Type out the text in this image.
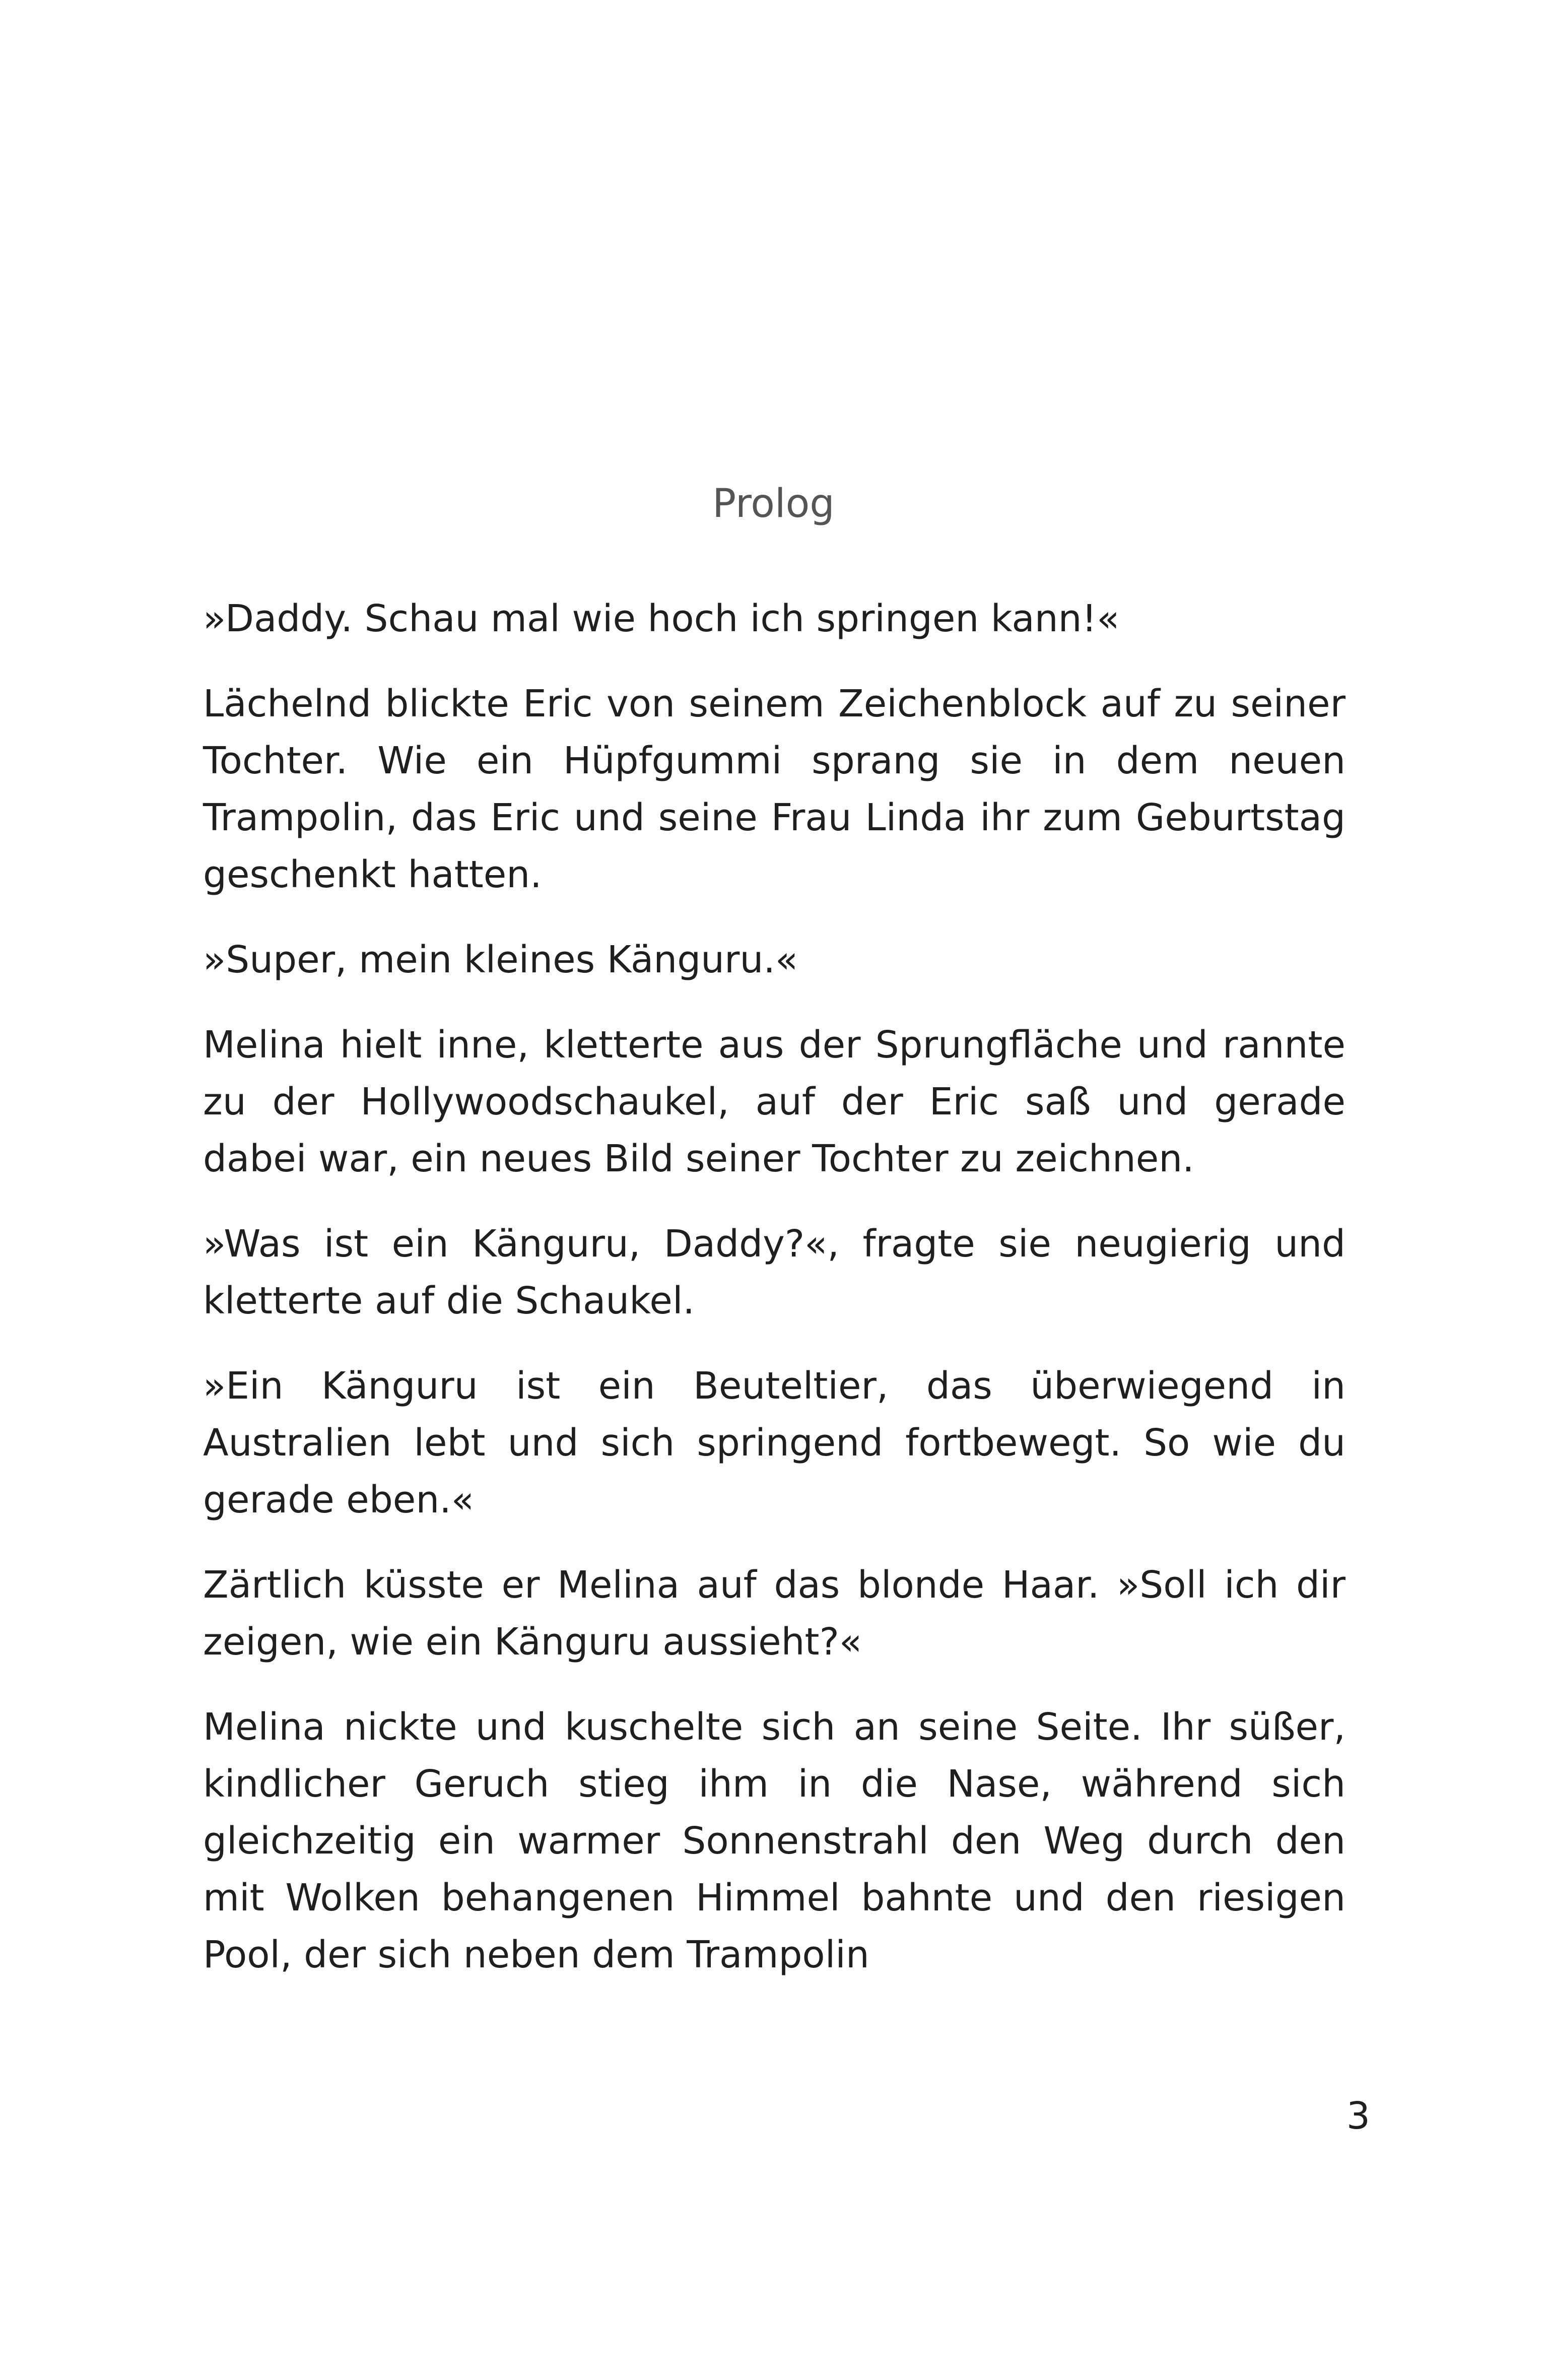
Prolog

»Daddy. Schau mal wie hoch ich springen kann!«

Lächelnd blickte Eric von seinem Zeichenblock auf zu seiner Tochter. Wie ein Hüpfgummi sprang sie in dem neuen Trampolin, das Eric und seine Frau Linda ihr zum Geburtstag geschenkt hatten.

»Super, mein kleines Känguru.«

Melina hielt inne, kletterte aus der Sprungfläche und rannte zu der Hollywoodschaukel, auf der Eric saß und gerade dabei war, ein neues Bild seiner Tochter zu zeichnen.

»Was ist ein Känguru, Daddy?«, fragte sie neugierig und kletterte auf die Schaukel.

»Ein Känguru ist ein Beuteltier, das überwiegend in Australien lebt und sich springend fortbewegt. So wie du gerade eben.«

Zärtlich küsste er Melina auf das blonde Haar. »Soll ich dir zeigen, wie ein Känguru aussieht?«

Melina nickte und kuschelte sich an seine Seite. Ihr süßer, kindlicher Geruch stieg ihm in die Nase, während sich gleichzeitig ein warmer Sonnenstrahl den Weg durch den mit Wolken behangenen Himmel bahnte und den riesigen Pool, der sich neben dem Trampolin

3
